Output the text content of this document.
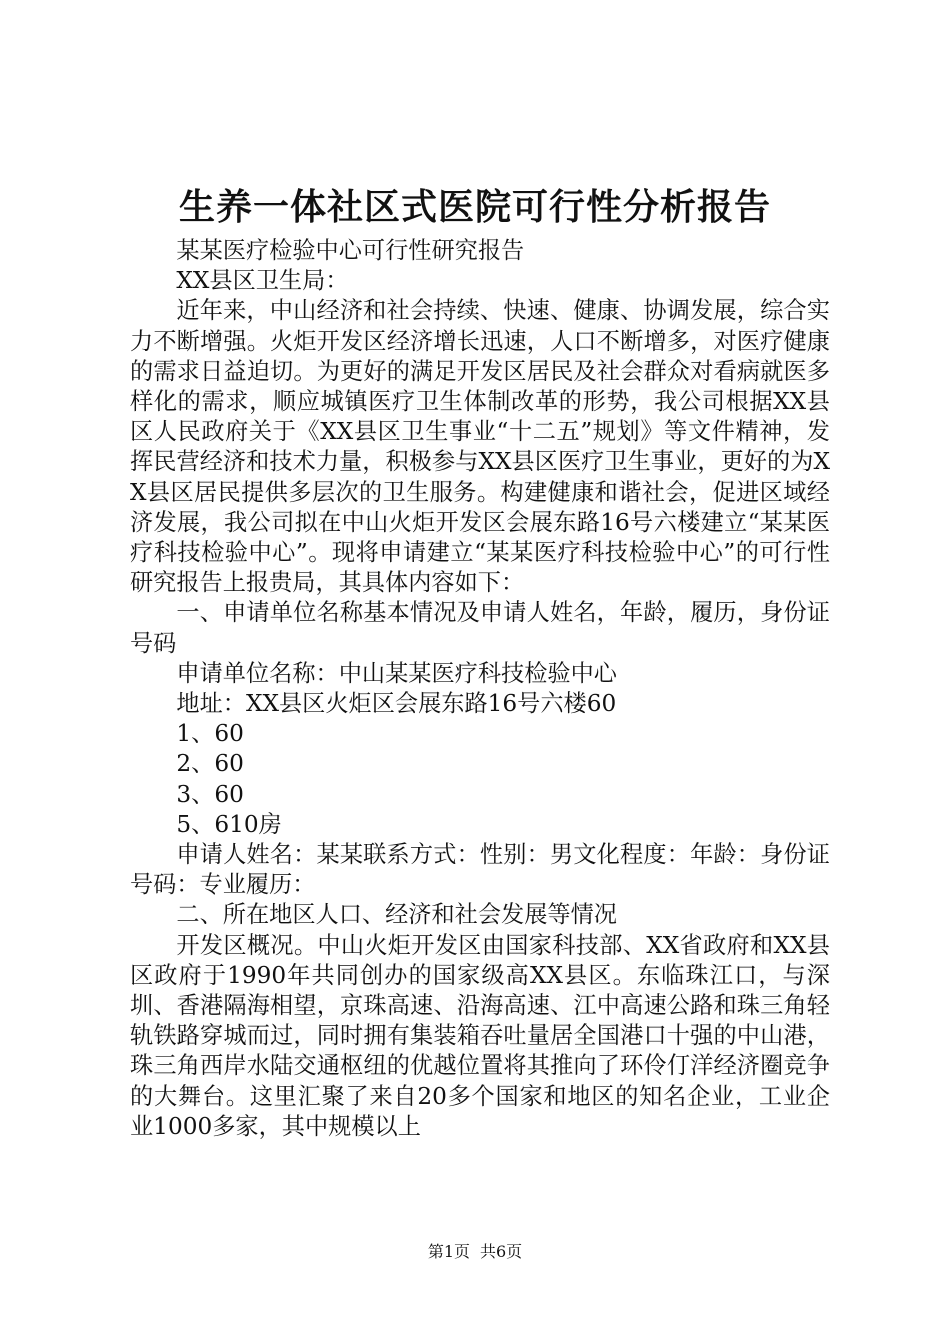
生养一体社区式医院可行性分析报告

某某医疗检验中心可行性研究报告

XX县区卫生局：

近年来，中山经济和社会持续、快速、健康、协调发展，综合实力不断增强。火炬开发区经济增长迅速，人口不断增多，对医疗健康的需求日益迫切。为更好的满足开发区居民及社会群众对看病就医多样化的需求，顺应城镇医疗卫生体制改革的形势，我公司根据XX县区人民政府关于《XX县区卫生事业“十二五”规划》等文件精神，发挥民营经济和技术力量，积极参与XX县区医疗卫生事业，更好的为XX县区居民提供多层次的卫生服务。构建健康和谐社会，促进区域经济发展，我公司拟在中山火炬开发区会展东路16号六楼建立“某某医疗科技检验中心”。现将申请建立“某某医疗科技检验中心”的可行性研究报告上报贵局，其具体内容如下：

一、申请单位名称基本情况及申请人姓名，年龄，履历，身份证号码

申请单位名称：中山某某医疗科技检验中心

地址：XX县区火炬区会展东路16号六楼60

1、60

2、60

3、60

5、610房

申请人姓名：某某联系方式：性别：男文化程度：年龄：身份证号码：专业履历：

二、所在地区人口、经济和社会发展等情况

开发区概况。中山火炬开发区由国家科技部、XX省政府和XX县区政府于1990年共同创办的国家级高XX县区。东临珠江口，与深圳、香港隔海相望，京珠高速、沿海高速、江中高速公路和珠三角轻轨铁路穿城而过，同时拥有集装箱吞吐量居全国港口十强的中山港，珠三角西岸水陆交通枢纽的优越位置将其推向了环伶仃洋经济圈竞争的大舞台。这里汇聚了来自20多个国家和地区的知名企业，工业企业1000多家，其中规模以上

第1页 共6页
